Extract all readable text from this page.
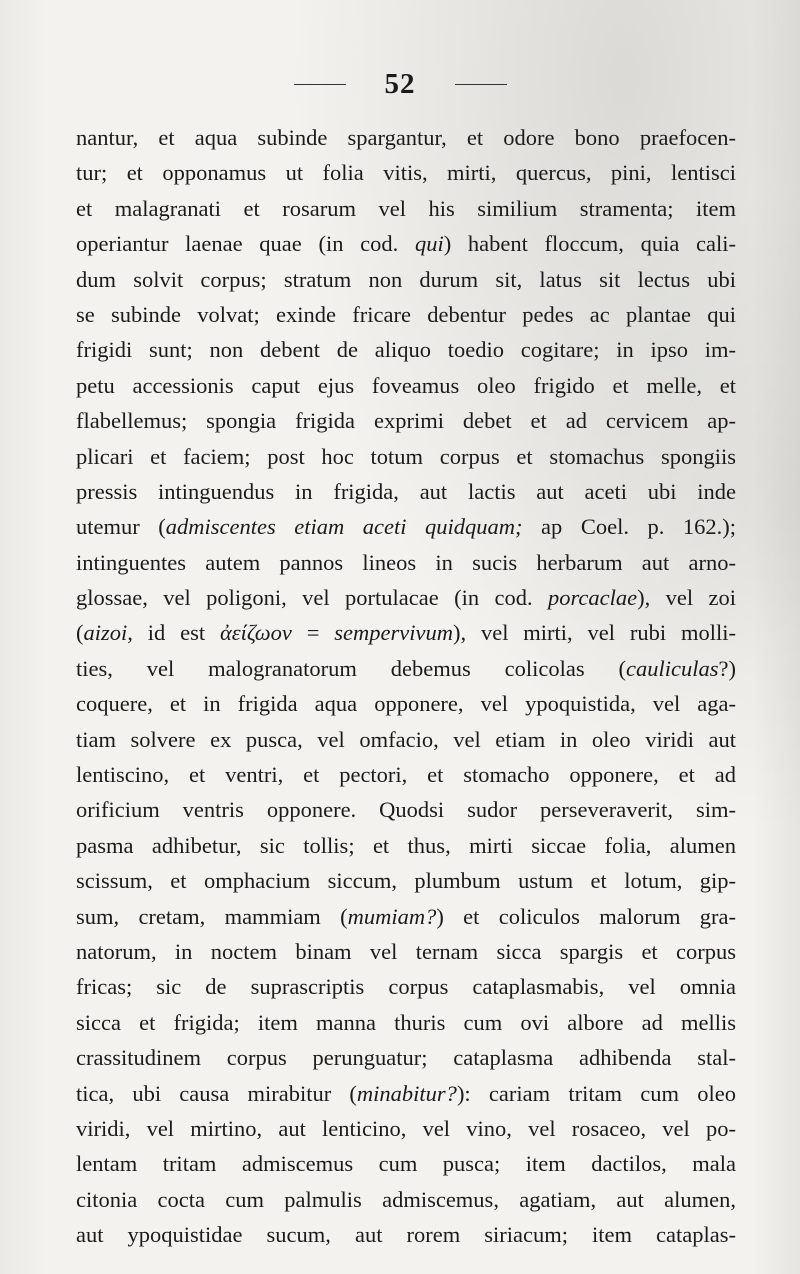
52
nantur, et aqua subinde spargantur, et odore bono praefocen-
tur; et opponamus ut folia vitis, mirti, quercus, pini, lentisci
et malagranati et rosarum vel his similium stramenta; item
operiantur laenae quae (in cod. qui) habent floccum, quia cali-
dum solvit corpus; stratum non durum sit, latus sit lectus ubi
se subinde volvat; exinde fricare debentur pedes ac plantae qui
frigidi sunt; non debent de aliquo toedio cogitare; in ipso im-
petu accessionis caput ejus foveamus oleo frigido et melle, et
flabellemus; spongia frigida exprimi debet et ad cervicem ap-
plicari et faciem; post hoc totum corpus et stomachus spongiis
pressis intinguendus in frigida, aut lactis aut aceti ubi inde
utemur (admiscentes etiam aceti quidquam; ap Coel. p. 162.);
intinguentes autem pannos lineos in sucis herbarum aut arno-
glossae, vel poligoni, vel portulacae (in cod. porcaclae), vel zoi
(aizoi, id est ἀείζωον = sempervivum), vel mirti, vel rubi molli-
ties, vel malogranatorum debemus colicolas (cauliculas?)
coquere, et in frigida aqua opponere, vel ypoquistida, vel aga-
tiam solvere ex pusca, vel omfacio, vel etiam in oleo viridi aut
lentiscino, et ventri, et pectori, et stomacho opponere, et ad
orificium ventris opponere. Quodsi sudor perseveraverit, sim-
pasma adhibetur, sic tollis; et thus, mirti siccae folia, alumen
scissum, et omphacium siccum, plumbum ustum et lotum, gip-
sum, cretam, mammiam (mumiam?) et coliculos malorum gra-
natorum, in noctem binam vel ternam sicca spargis et corpus
fricas; sic de suprascriptis corpus cataplasmabis, vel omnia
sicca et frigida; item manna thuris cum ovi albore ad mellis
crassitudinem corpus perunguatur; cataplasma adhibenda stal-
tica, ubi causa mirabitur (minabitur?): cariam tritam cum oleo
viridi, vel mirtino, aut lenticino, vel vino, vel rosaceo, vel po-
lentam tritam admiscemus cum pusca; item dactilos, mala
citonia cocta cum palmulis admiscemus, agatiam, aut alumen,
aut ypoquistidae sucum, aut rorem siriacum; item cataplas-
